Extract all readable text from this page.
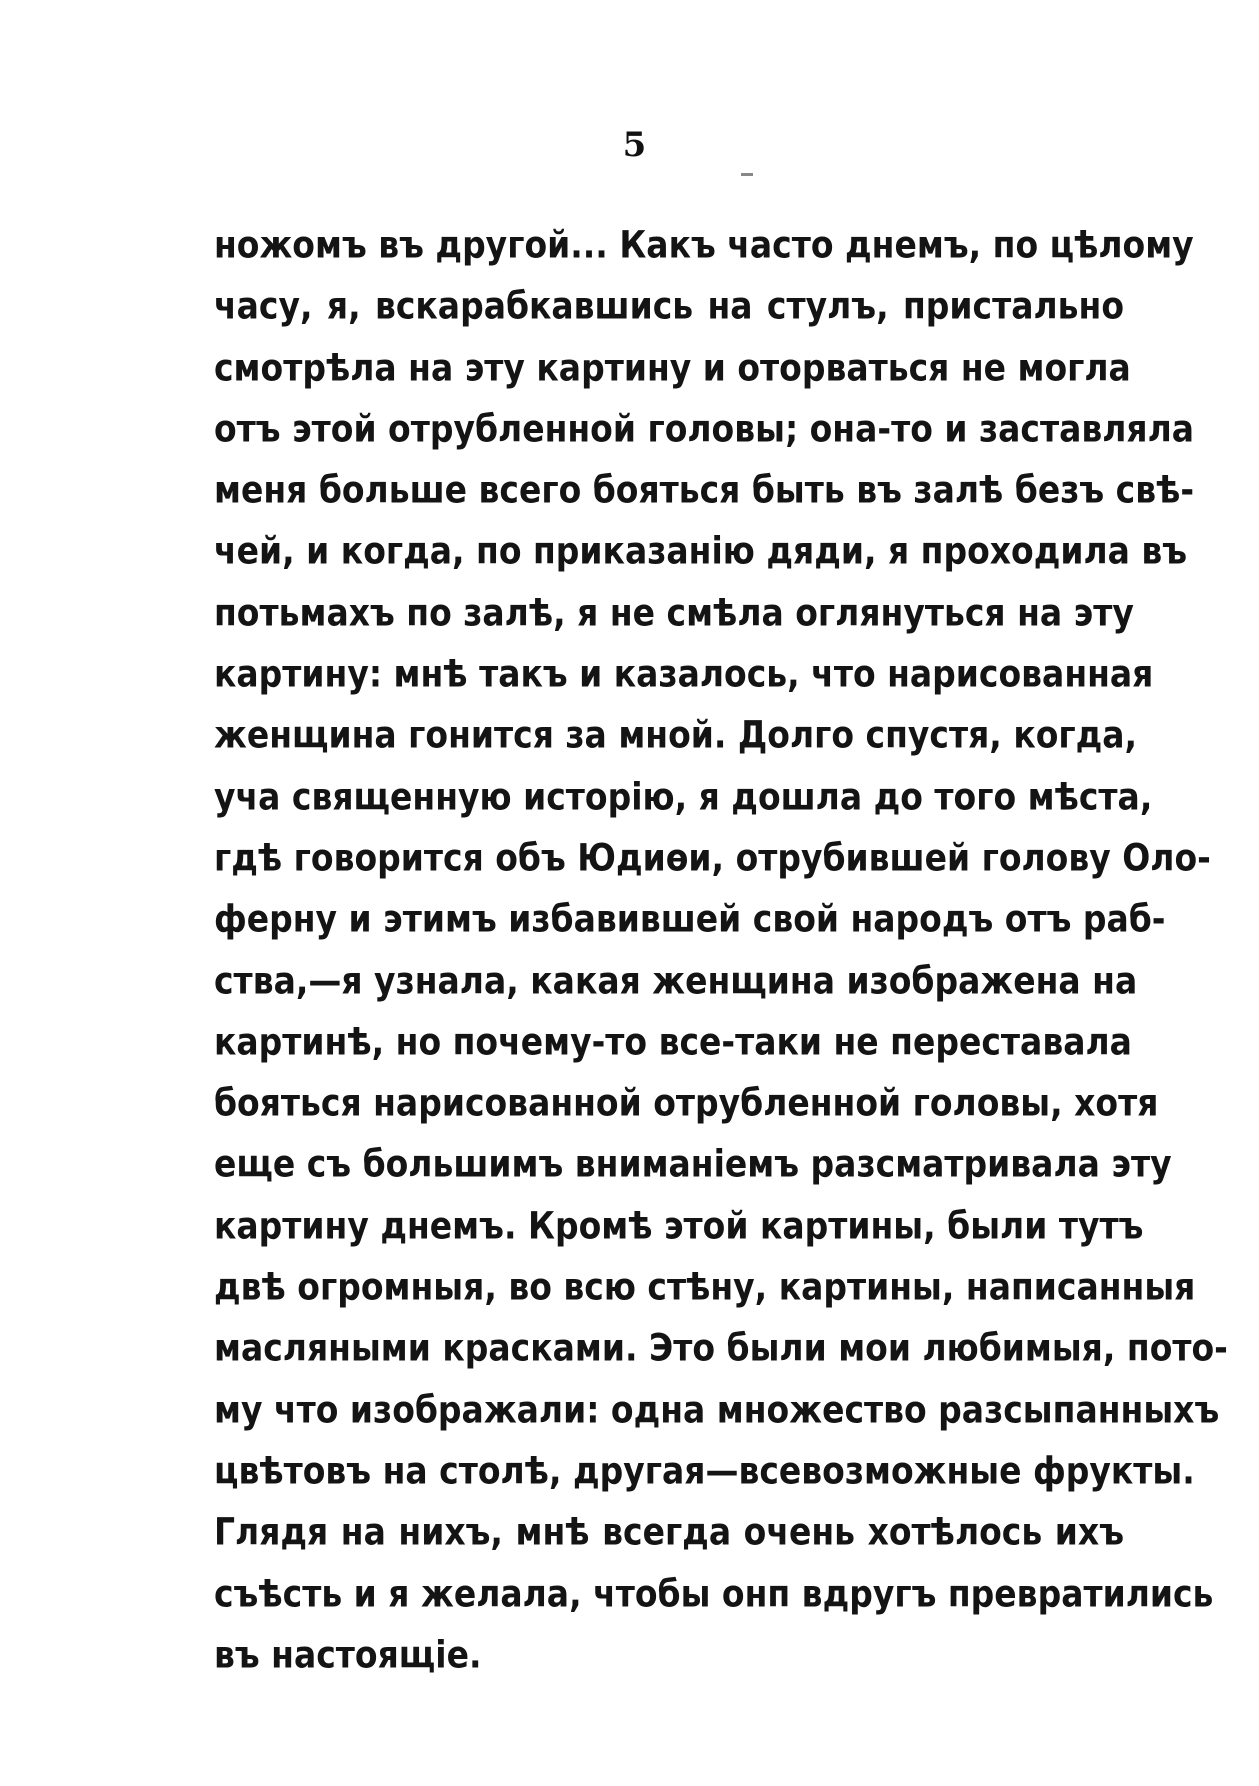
5
ножомъ въ другой... Какъ часто днемъ, по цѣлому
часу, я, вскарабкавшись на стулъ, пристально
смотрѣла на эту картину и оторваться не могла
отъ этой отрубленной головы; она-то и заставляла
меня больше всего бояться быть въ залѣ безъ свѣ-
чей, и когда, по приказанію дяди, я проходила въ
потьмахъ по залѣ, я не смѣла оглянуться на эту
картину: мнѣ такъ и казалось, что нарисованная
женщина гонится за мной. Долго спустя, когда,
уча священную исторію, я дошла до того мѣста,
гдѣ говорится объ Юдиѳи, отрубившей голову Оло-
ферну и этимъ избавившей свой народъ отъ раб-
ства,—я узнала, какая женщина изображена на
картинѣ, но почему-то все-таки не переставала
бояться нарисованной отрубленной головы, хотя
еще съ большимъ вниманіемъ разсматривала эту
картину днемъ. Кромѣ этой картины, были тутъ
двѣ огромныя, во всю стѣну, картины, написанныя
масляными красками. Это были мои любимыя, пото-
му что изображали: одна множество разсыпанныхъ
цвѣтовъ на столѣ, другая—всевозможные фрукты.
Глядя на нихъ, мнѣ всегда очень хотѣлось ихъ
съѣсть и я желала, чтобы онп вдругъ превратились
въ настоящіе.
